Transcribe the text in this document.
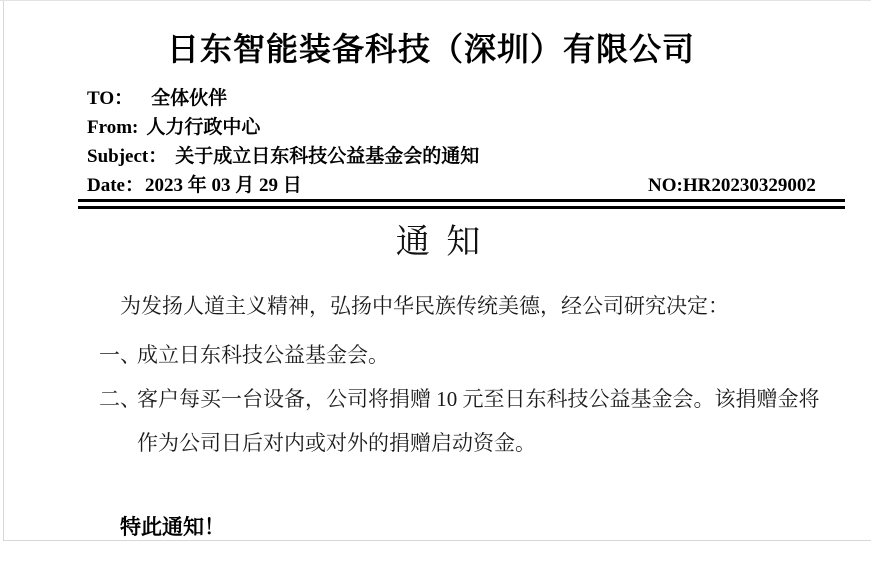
日东智能装备科技（深圳）有限公司
TO： 全体伙伴
From: 人力行政中心
Subject： 关于成立日东科技公益基金会的通知
Date：2023 年 03 月 29 日	NO:HR20230329002
通 知

为发扬人道主义精神，弘扬中华民族传统美德，经公司研究决定：

一、
成立日东科技公益基金会。
二、
客户每买一台设备，公司将捐赠 10 元至日东科技公益基金会。该捐赠金将作为公司日后对内或对外的捐赠启动资金。
特此通知！
